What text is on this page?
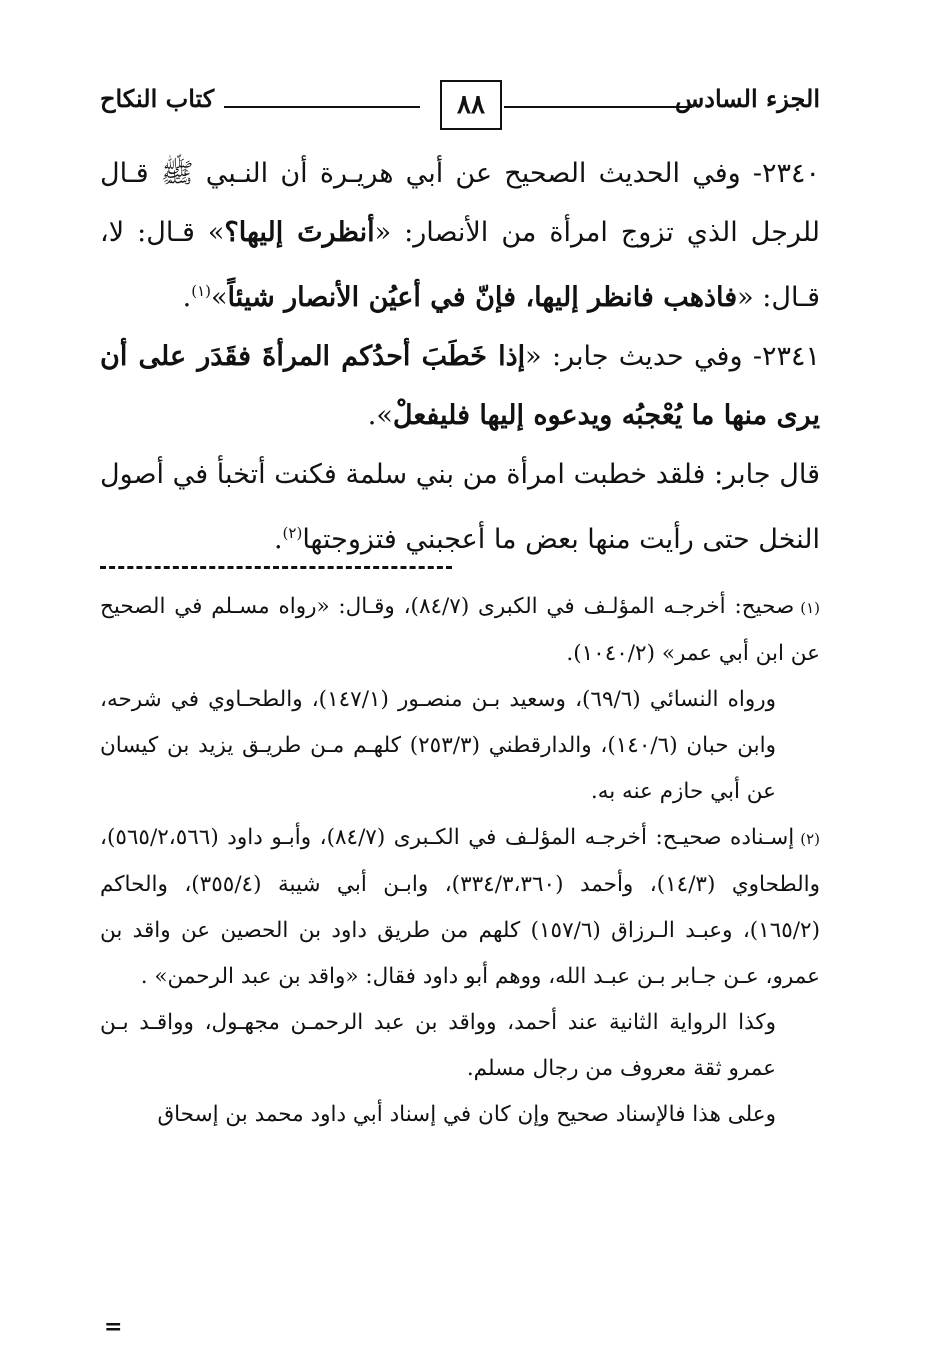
الجزء السادس
٨٨
كتاب النكاح

٢٣٤٠- وفي الحديث الصحيح عن أبي هريـرة أن النـبي ﷺ قـال للرجل الذي تزوج امرأة من الأنصار: «أنظرتَ إليها؟» قـال: لا، قـال: «فاذهب فانظر إليها، فإنّ في أعيُن الأنصار شيئاً»$^{(١)}$.

٢٣٤١- وفي حديث جابر: «إذا خَطَبَ أحدُكم المرأةَ فقَدَر على أن يرى منها ما يُعْجبُه ويدعوه إليها فليفعلْ».

قال جابر: فلقد خطبت امرأة من بني سلمة فكنت أتخبأ في أصول النخل حتى رأيت منها بعض ما أعجبني فتزوجتها$^{(٢)}$.

(١)صحيح: أخرجـه المؤلـف في الكبرى (٨٤/٧)، وقـال: «رواه مسـلم في الصحيح عن ابن أبي عمر» (١٠٤٠/٢).

ورواه النسائي (٦٩/٦)، وسعيد بـن منصـور (١٤٧/١)، والطحـاوي في شرحه، وابن حبان (١٤٠/٦)، والدارقطني (٢٥٣/٣) كلهـم مـن طريـق يزيد بن كيسان عن أبي حازم عنه به.

(٢)إسـناده صحيـح: أخرجـه المؤلـف في الكـبرى (٨٤/٧)، وأبـو داود (٥٦٥/٢،٥٦٦)، والطحاوي (١٤/٣)، وأحمد (٣٣٤/٣،٣٦٠)، وابـن أبي شيبة (٣٥٥/٤)، والحاكم (١٦٥/٢)، وعبـد الـرزاق (١٥٧/٦) كلهم من طريق داود بن الحصين عن واقد بن عمرو، عـن جـابر بـن عبـد الله، ووهم أبو داود فقال: «واقد بن عبد الرحمن» .

وكذا الرواية الثانية عند أحمد، وواقد بن عبد الرحمـن مجهـول، وواقـد بـن عمرو ثقة معروف من رجال مسلم.

وعلى هذا فالإسناد صحيح وإن كان في إسناد أبي داود محمد بن إسحاق

=
